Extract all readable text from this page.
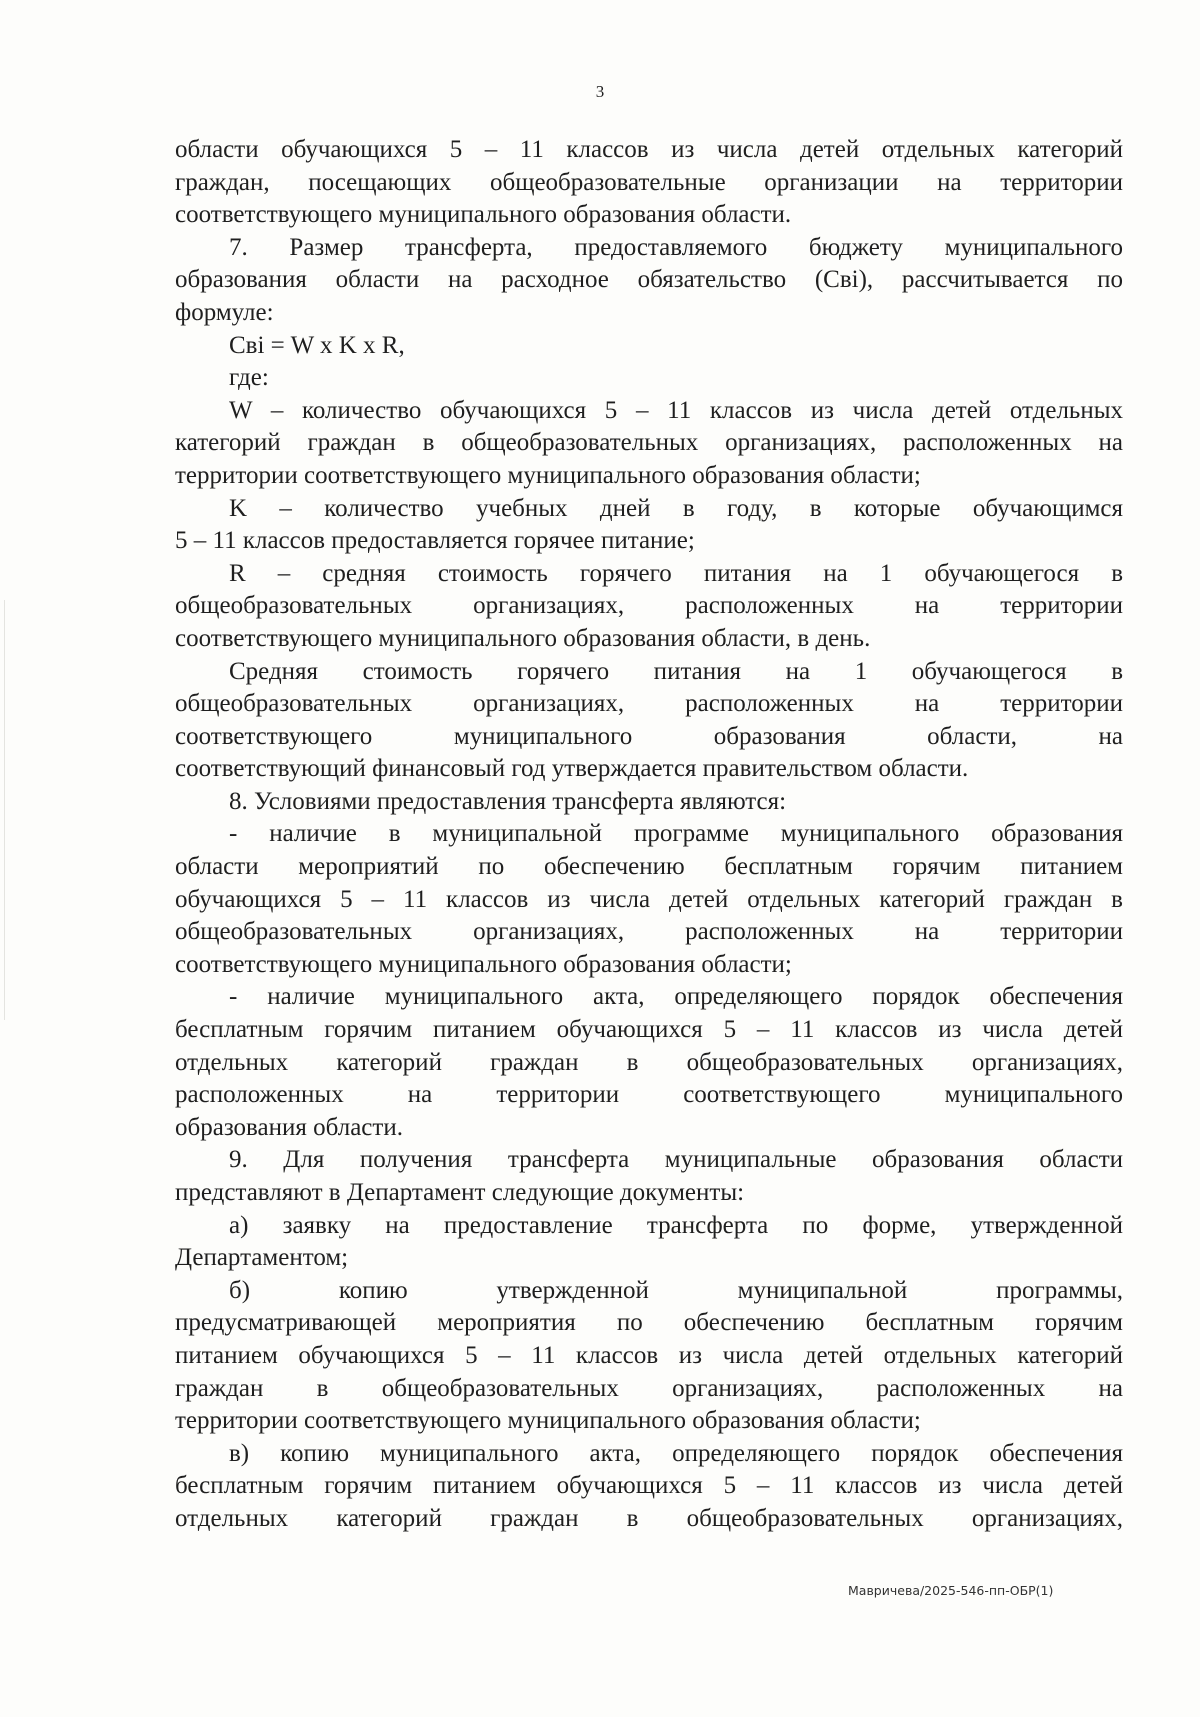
3
области обучающихся 5 – 11 классов из числа детей отдельных категорий
граждан, посещающих общеобразовательные организации на территории
соответствующего муниципального образования области.
7. Размер трансферта, предоставляемого бюджету муниципального
образования области на расходное обязательство (Cвi), рассчитывается по
формуле:
Cвi = W x K x R,
где:
W – количество обучающихся 5 – 11 классов из числа детей отдельных
категорий граждан в общеобразовательных организациях, расположенных на
территории соответствующего муниципального образования области;
K – количество учебных дней в году, в которые обучающимся
5 – 11 классов предоставляется горячее питание;
R – средняя стоимость горячего питания на 1 обучающегося в
общеобразовательных организациях, расположенных на территории
соответствующего муниципального образования области, в день.
Средняя стоимость горячего питания на 1 обучающегося в
общеобразовательных организациях, расположенных на территории
соответствующего муниципального образования области, на
соответствующий финансовый год утверждается правительством области.
8. Условиями предоставления трансферта являются:
- наличие в муниципальной программе муниципального образования
области мероприятий по обеспечению бесплатным горячим питанием
обучающихся 5 – 11 классов из числа детей отдельных категорий граждан в
общеобразовательных организациях, расположенных на территории
соответствующего муниципального образования области;
- наличие муниципального акта, определяющего порядок обеспечения
бесплатным горячим питанием обучающихся 5 – 11 классов из числа детей
отдельных категорий граждан в общеобразовательных организациях,
расположенных на территории соответствующего муниципального
образования области.
9. Для получения трансферта муниципальные образования области
представляют в Департамент следующие документы:
а) заявку на предоставление трансферта по форме, утвержденной
Департаментом;
б) копию утвержденной муниципальной программы,
предусматривающей мероприятия по обеспечению бесплатным горячим
питанием обучающихся 5 – 11 классов из числа детей отдельных категорий
граждан в общеобразовательных организациях, расположенных на
территории соответствующего муниципального образования области;
в) копию муниципального акта, определяющего порядок обеспечения
бесплатным горячим питанием обучающихся 5 – 11 классов из числа детей
отдельных категорий граждан в общеобразовательных организациях,
Мавричева/2025-546-пп-ОБР(1)
